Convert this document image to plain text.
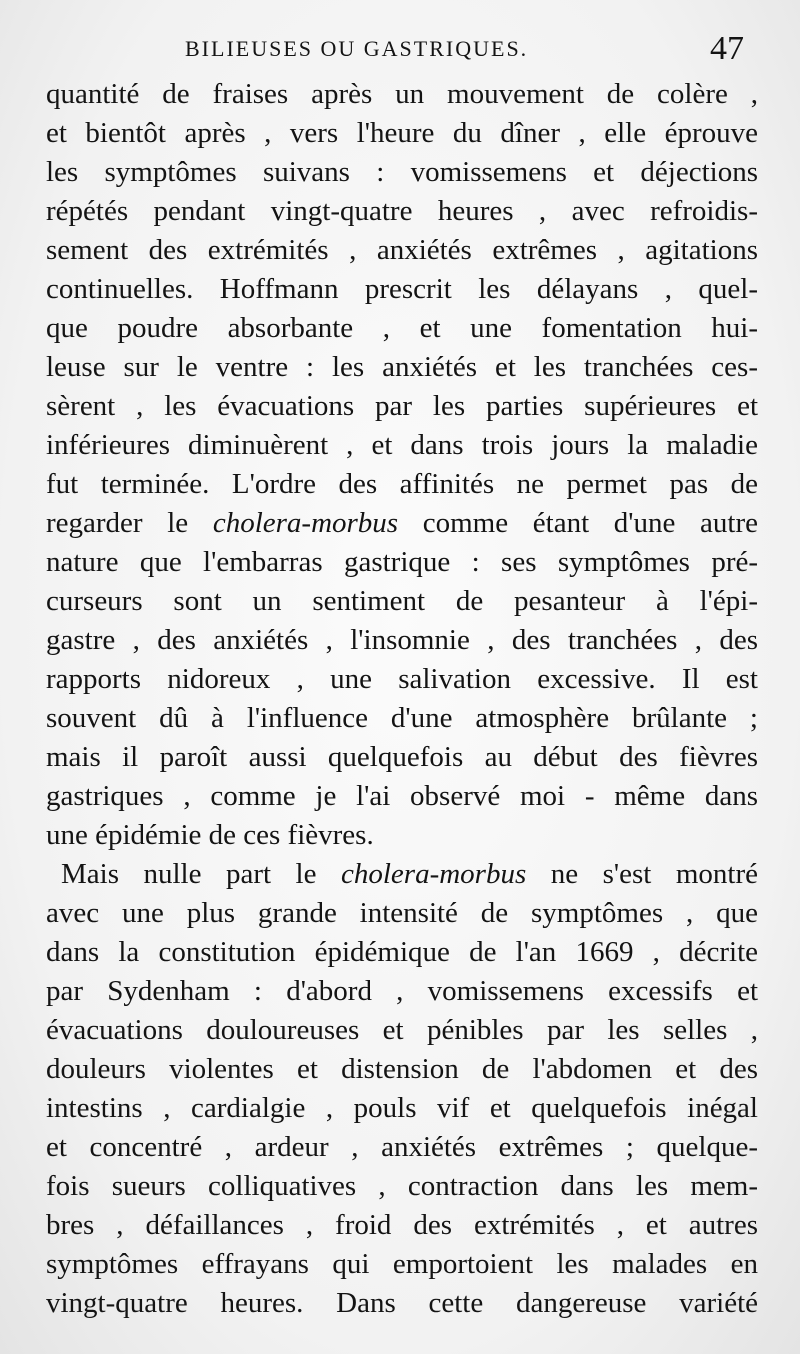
BILIEUSES OU GASTRIQUES.	47
quantité de fraises après un mouvement de colère ,
et bientôt après , vers l'heure du dîner , elle éprouve
les symptômes suivans : vomissemens et déjections
répétés pendant vingt-quatre heures , avec refroidis-
sement des extrémités , anxiétés extrêmes , agitations
continuelles. Hoffmann prescrit les délayans , quel-
que poudre absorbante , et une fomentation hui-
leuse sur le ventre : les anxiétés et les tranchées ces-
sèrent , les évacuations par les parties supérieures et
inférieures diminuèrent , et dans trois jours la maladie
fut terminée. L'ordre des affinités ne permet pas de
regarder le cholera-morbus comme étant d'une autre
nature que l'embarras gastrique : ses symptômes pré-
curseurs sont un sentiment de pesanteur à l'épi-
gastre , des anxiétés , l'insomnie , des tranchées , des
rapports nidoreux , une salivation excessive. Il est
souvent dû à l'influence d'une atmosphère brûlante ;
mais il paroît aussi quelquefois au début des fièvres
gastriques , comme je l'ai observé moi - même dans
une épidémie de ces fièvres.
Mais nulle part le cholera-morbus ne s'est montré
avec une plus grande intensité de symptômes , que
dans la constitution épidémique de l'an 1669 , décrite
par Sydenham : d'abord , vomissemens excessifs et
évacuations douloureuses et pénibles par les selles ,
douleurs violentes et distension de l'abdomen et des
intestins , cardialgie , pouls vif et quelquefois inégal
et concentré , ardeur , anxiétés extrêmes ; quelque-
fois sueurs colliquatives , contraction dans les mem-
bres , défaillances , froid des extrémités , et autres
symptômes effrayans qui emportoient les malades en
vingt-quatre heures. Dans cette dangereuse variété
